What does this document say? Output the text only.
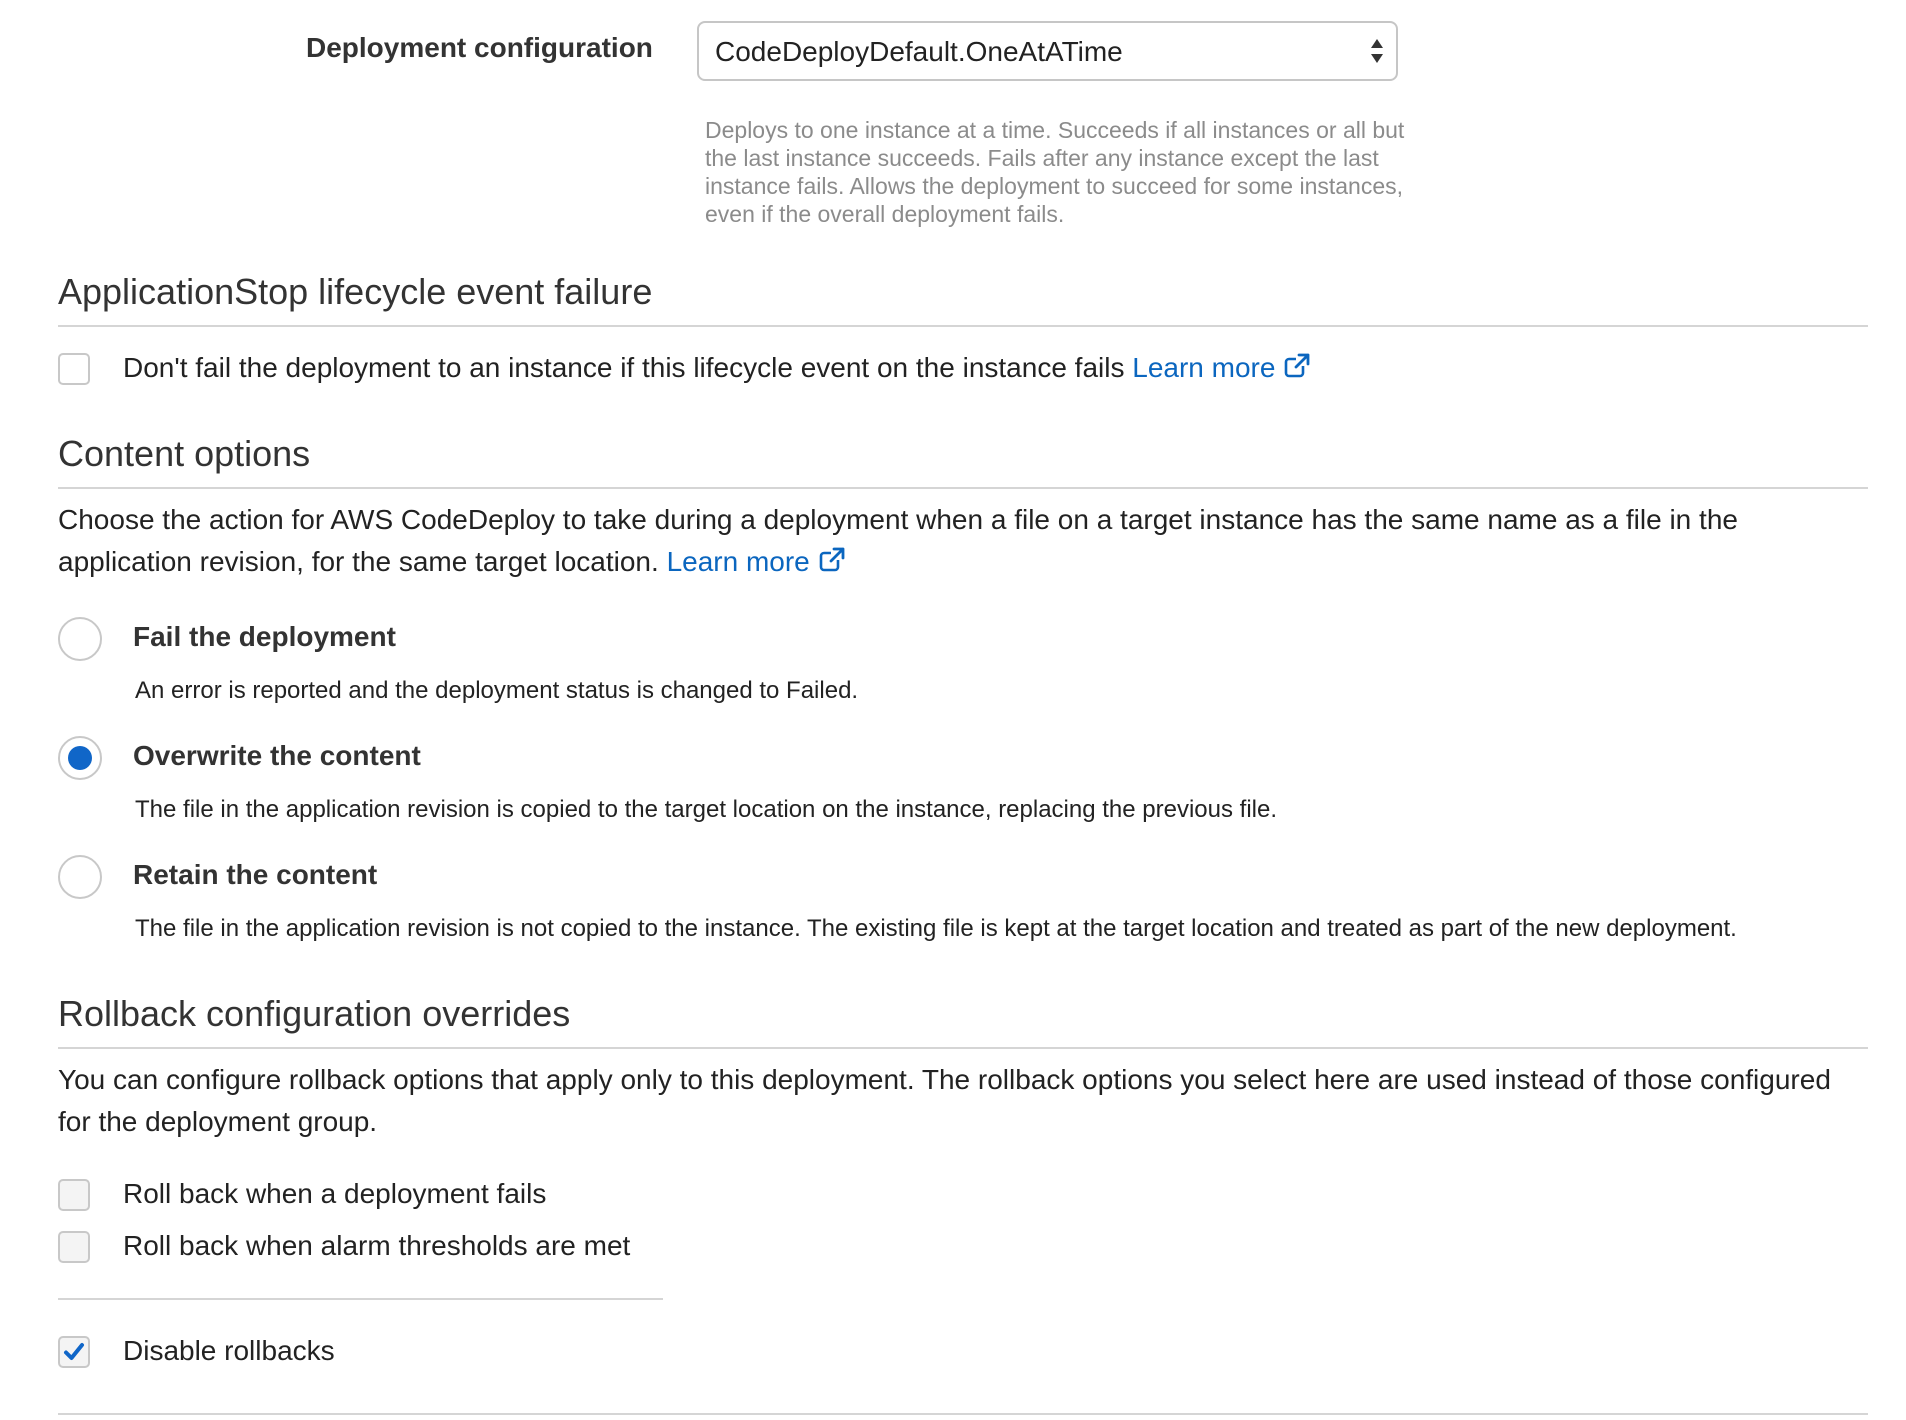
Deployment configuration CodeDeployDefault.OneAtATime
Deploys to one instance at a time. Succeeds if all instances or all but the last instance succeeds. Fails after any instance except the last instance fails. Allows the deployment to succeed for some instances, even if the overall deployment fails.
ApplicationStop lifecycle event failure
Don't fail the deployment to an instance if this lifecycle event on the instance fails Learn more
Content options
Choose the action for AWS CodeDeploy to take during a deployment when a file on a target instance has the same name as a file in the application revision, for the same target location. Learn more
Fail the deployment
An error is reported and the deployment status is changed to Failed.
Overwrite the content
The file in the application revision is copied to the target location on the instance, replacing the previous file.
Retain the content
The file in the application revision is not copied to the instance. The existing file is kept at the target location and treated as part of the new deployment.
Rollback configuration overrides
You can configure rollback options that apply only to this deployment. The rollback options you select here are used instead of those configured for the deployment group.
Roll back when a deployment fails
Roll back when alarm thresholds are met
Disable rollbacks
